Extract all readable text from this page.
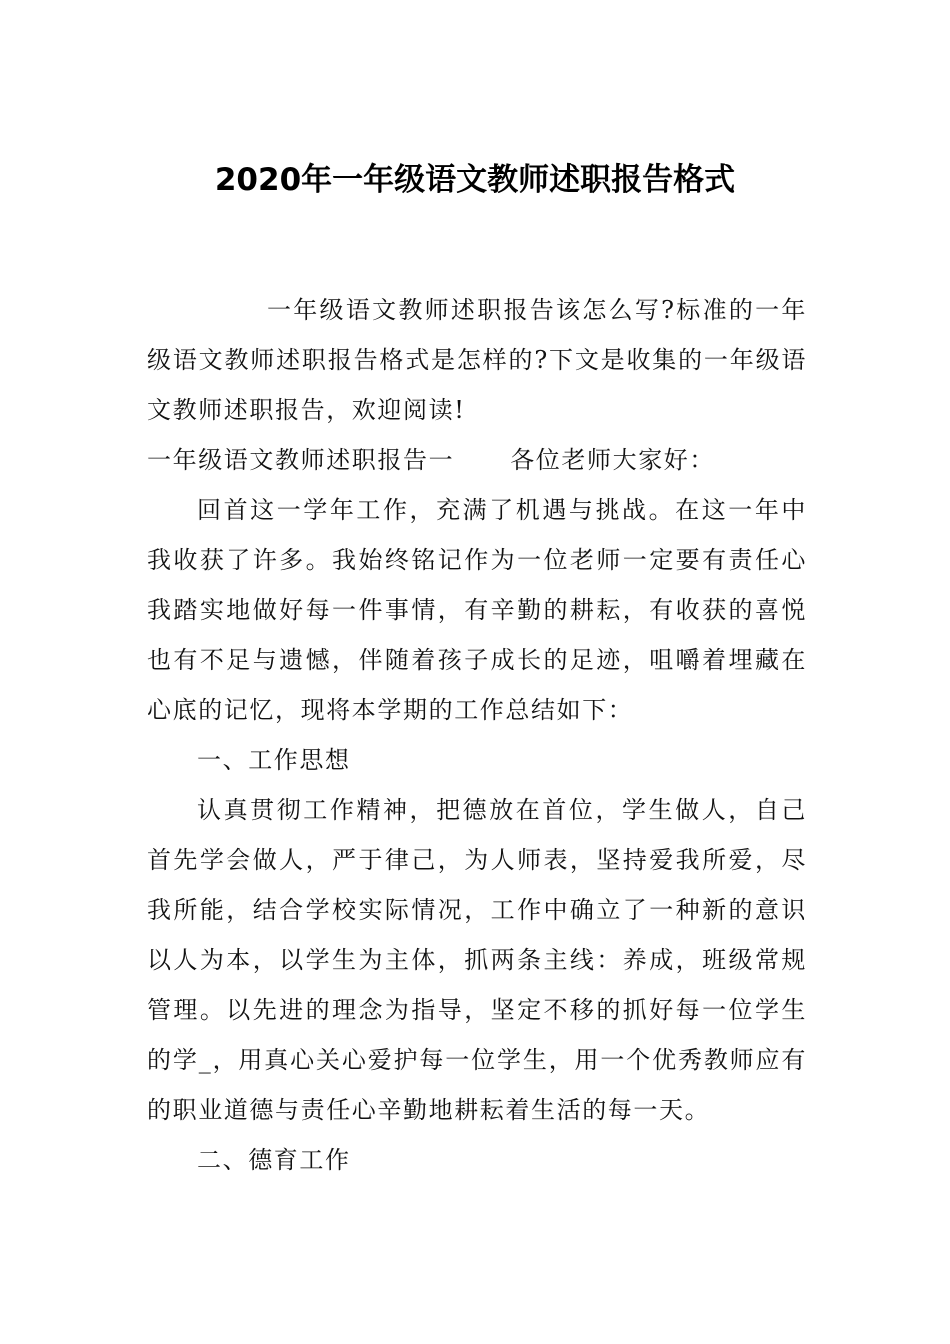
2020年一年级语文教师述职报告格式

一年级语文教师述职报告该怎么写?标准的一年级语文教师述职报告格式是怎样的?下文是收集的一年级语文教师述职报告，欢迎阅读!

一年级语文教师述职报告一 各位老师大家好：

回首这一学年工作，充满了机遇与挑战。在这一年中我收获了许多。我始终铭记作为一位老师一定要有责任心我踏实地做好每一件事情，有辛勤的耕耘，有收获的喜悦也有不足与遗憾，伴随着孩子成长的足迹，咀嚼着埋藏在心底的记忆，现将本学期的工作总结如下：

一、工作思想

认真贯彻工作精神，把德放在首位，学生做人，自己首先学会做人，严于律己，为人师表，坚持爱我所爱，尽我所能，结合学校实际情况，工作中确立了一种新的意识以人为本，以学生为主体，抓两条主线：养成，班级常规管理。以先进的理念为指导，坚定不移的抓好每一位学生的学_，用真心关心爱护每一位学生，用一个优秀教师应有的职业道德与责任心辛勤地耕耘着生活的每一天。

二、德育工作
